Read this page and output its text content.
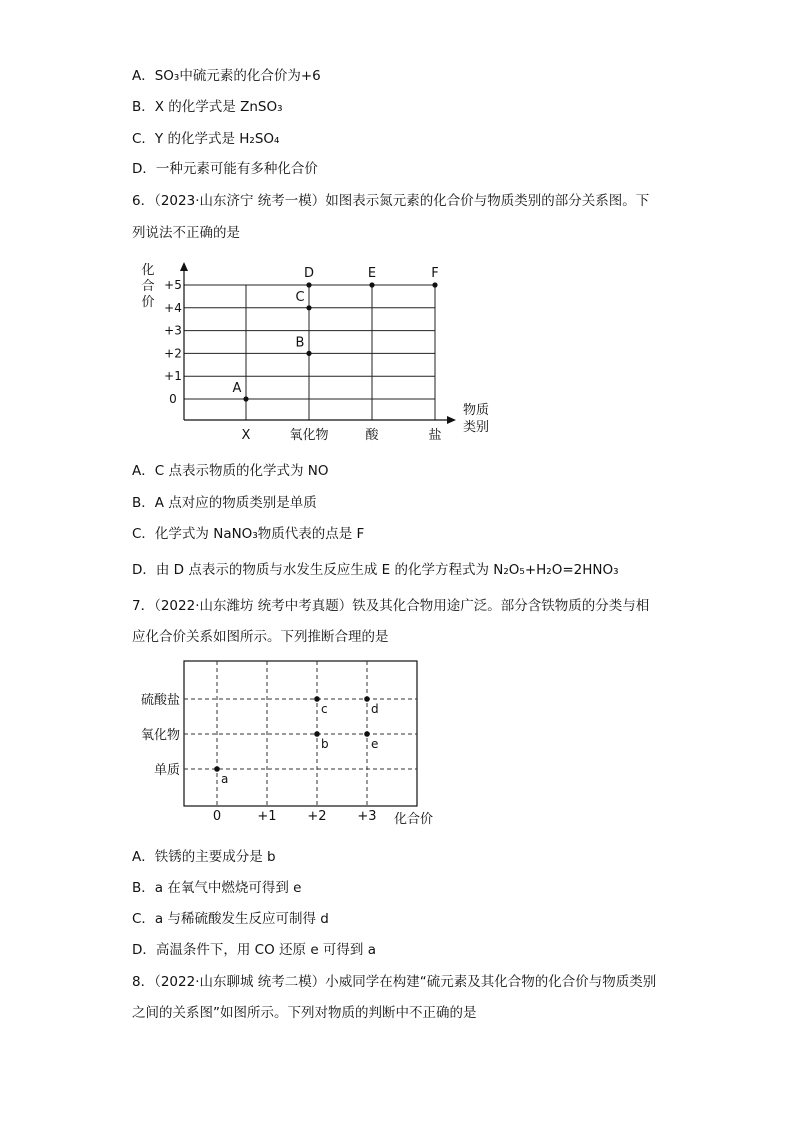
A．SO₃中硫元素的化合价为+6
B．X 的化学式是 ZnSO₃
C．Y 的化学式是 H₂SO₄
D．一种元素可能有多种化合价
6．（2023·山东济宁 统考一模）如图表示氮元素的化合价与物质类别的部分关系图。下
列说法不正确的是
化
合
价
+5
+4
+3
+2
+1
0
X	氧化物	酸	盐
物质
类别
A
B
C
D	E	F
A．C 点表示物质的化学式为 NO
B．A 点对应的物质类别是单质
C．化学式为 NaNO₃物质代表的点是 F
D．由 D 点表示的物质与水发生反应生成 E 的化学方程式为 N₂O₅+H₂O=2HNO₃
7．（2022·山东潍坊 统考中考真题）铁及其化合物用途广泛。部分含铁物质的分类与相
应化合价关系如图所示。下列推断合理的是
硫酸盐
氧化物
单质
0	+1 +2 +3 化合价
a
b
c	d
e
A．铁锈的主要成分是 b
B．a 在氧气中燃烧可得到 e
C．a 与稀硫酸发生反应可制得 d
D．高温条件下，用 CO 还原 e 可得到 a
8．（2022·山东聊城 统考二模）小威同学在构建“硫元素及其化合物的化合价与物质类别
之间的关系图”如图所示。下列对物质的判断中不正确的是
